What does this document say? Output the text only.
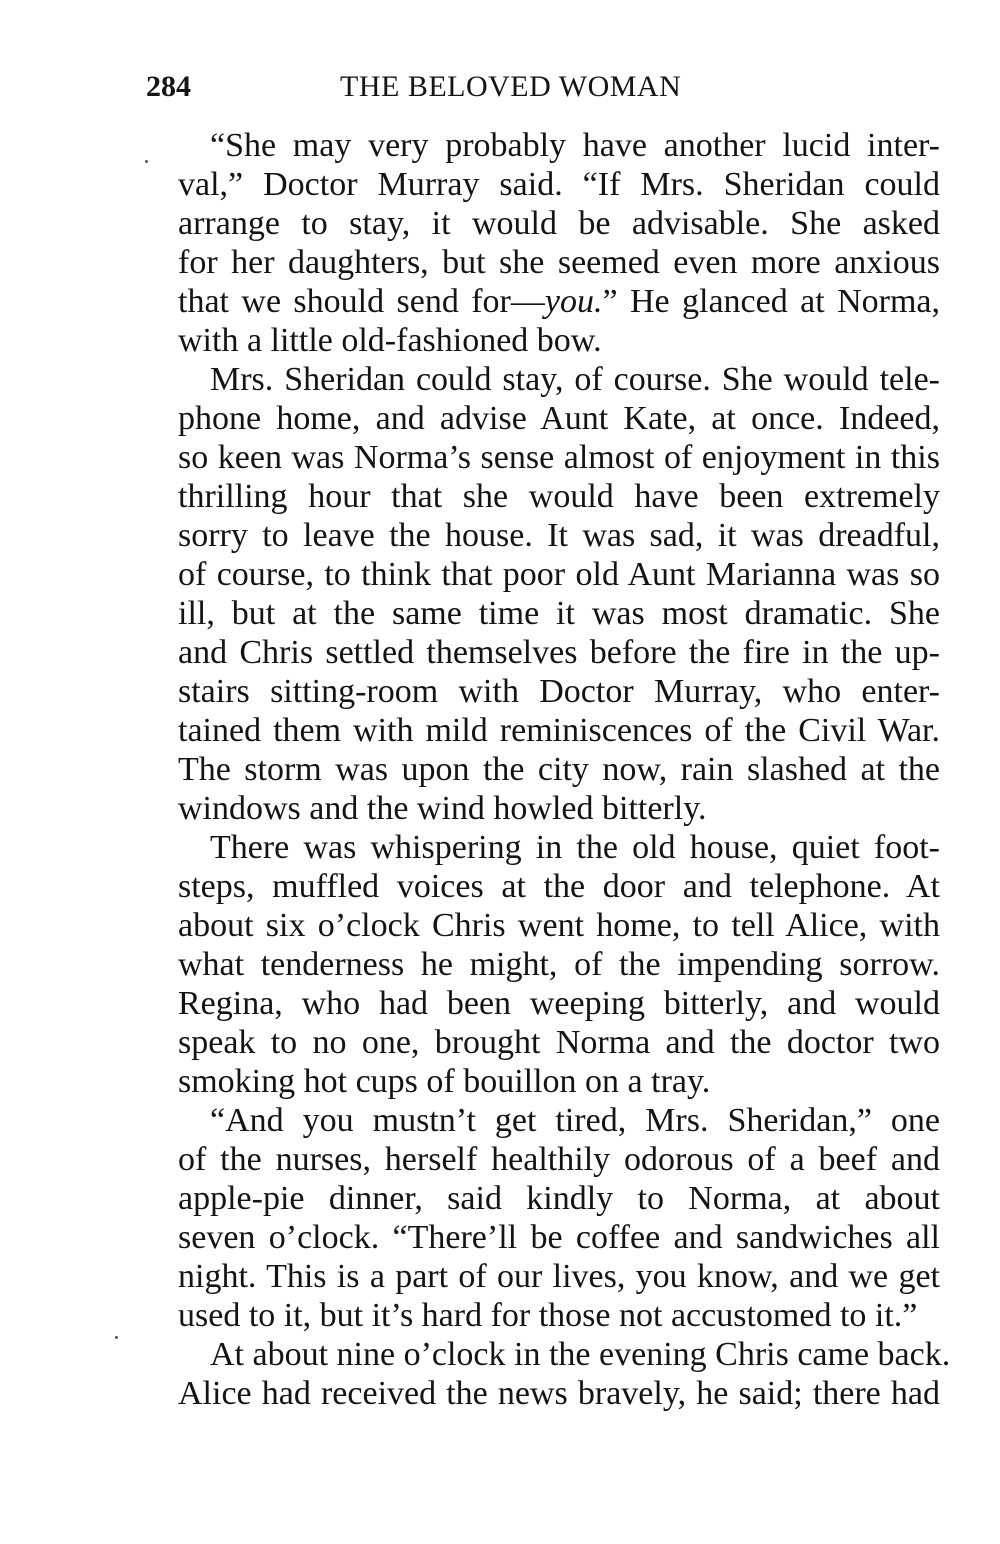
284	THE BELOVED WOMAN
“She may very probably have another lucid inter-
val,” Doctor Murray said. “If Mrs. Sheridan could
arrange to stay, it would be advisable. She asked
for her daughters, but she seemed even more anxious
that we should send for—you.” He glanced at Norma,
with a little old-fashioned bow.
Mrs. Sheridan could stay, of course. She would tele-
phone home, and advise Aunt Kate, at once. Indeed,
so keen was Norma’s sense almost of enjoyment in this
thrilling hour that she would have been extremely
sorry to leave the house. It was sad, it was dreadful,
of course, to think that poor old Aunt Marianna was so
ill, but at the same time it was most dramatic. She
and Chris settled themselves before the fire in the up-
stairs sitting-room with Doctor Murray, who enter-
tained them with mild reminiscences of the Civil War.
The storm was upon the city now, rain slashed at the
windows and the wind howled bitterly.
There was whispering in the old house, quiet foot-
steps, muffled voices at the door and telephone. At
about six o’clock Chris went home, to tell Alice, with
what tenderness he might, of the impending sorrow.
Regina, who had been weeping bitterly, and would
speak to no one, brought Norma and the doctor two
smoking hot cups of bouillon on a tray.
“And you mustn’t get tired, Mrs. Sheridan,” one
of the nurses, herself healthily odorous of a beef and
apple-pie dinner, said kindly to Norma, at about
seven o’clock. “There’ll be coffee and sandwiches all
night. This is a part of our lives, you know, and we get
used to it, but it’s hard for those not accustomed to it.”
At about nine o’clock in the evening Chris came back.
Alice had received the news bravely, he said; there had
